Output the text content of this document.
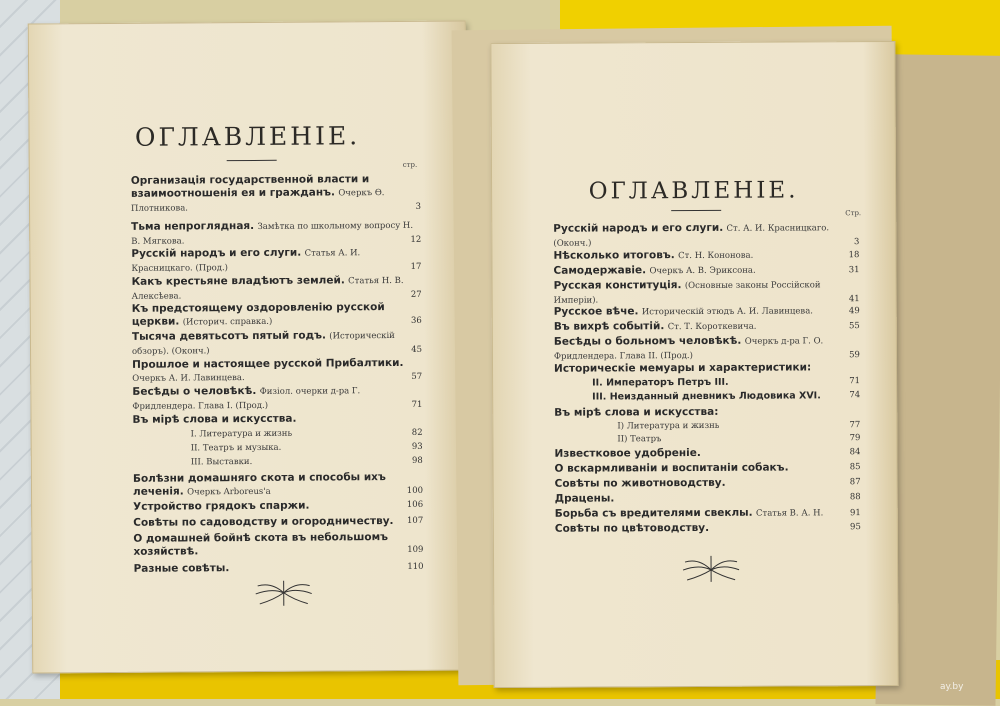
ОГЛАВЛЕНІЕ.
стр.
Организація государственной власти и взаимоотношенія ея и гражданъ. Очеркъ Ѳ. Плотникова.	3
Тьма непроглядная. Замѣтка по школьному вопросу Н. В. Мягкова.	12
Русскій народъ и его слуги. Статья А. И. Красницкаго. (Прод.)	17
Какъ крестьяне владѣютъ землей. Статья Н. В. Алексѣева.	27
Къ предстоящему оздоровленію русской церкви. (Историч. справка.)	36
Тысяча девятьсотъ пятый годъ. (Историческій обзоръ). (Оконч.)	45
Прошлое и настоящее русской Прибалтики. Очеркъ А. И. Лавинцева.	57
Бесѣды о человѣкѣ. Физіол. очерки д-ра Г. Фридлендера. Глава I. (Прод.)	71
Въ мірѣ слова и искусства.
I. Литература и жизнь	82
II. Театръ и музыка.	93
III. Выставки.	98
Болѣзни домашняго скота и способы ихъ леченія. Очеркъ Arboreus'a	100
Устройство грядокъ спаржи.	106
Совѣты по садоводству и огородничеству. 107
О домашней бойнѣ скота въ небольшомъ хозяйствѣ.	109
Разные совѣты.	110
ОГЛАВЛЕНІЕ.
Стр.
Русскій народъ и его слуги. Ст. А. И. Красницкаго. (Оконч.)	3
Нѣсколько итоговъ. Ст. Н. Кононова.	18
Самодержавіе. Очеркъ А. В. Эриксона.	31
Русская конституція. (Основные законы Россійской Имперіи).	41
Русское вѣче. Историческій этюдъ А. И. Лавинцева.	49
Въ вихрѣ событій. Ст. Т. Короткевича.	55
Бесѣды о больномъ человѣкѣ. Очеркъ д-ра Г. О. Фридлендера. Глава II. (Прод.)	59
Историческіе мемуары и характеристики:
II. Императоръ Петръ III.	71
III. Неизданный дневникъ Людовика XVI.	74
Въ мірѣ слова и искусства:
I) Литература и жизнь	77
II) Театръ	79
Известковое удобреніе.	84
О вскармливаніи и воспитаніи собакъ.	85
Совѣты по животноводству.	87
Драцены.	88
Борьба съ вредителями свеклы. Статья В. А. Н.	91
Совѣты по цвѣтоводству.	95
ay.by
